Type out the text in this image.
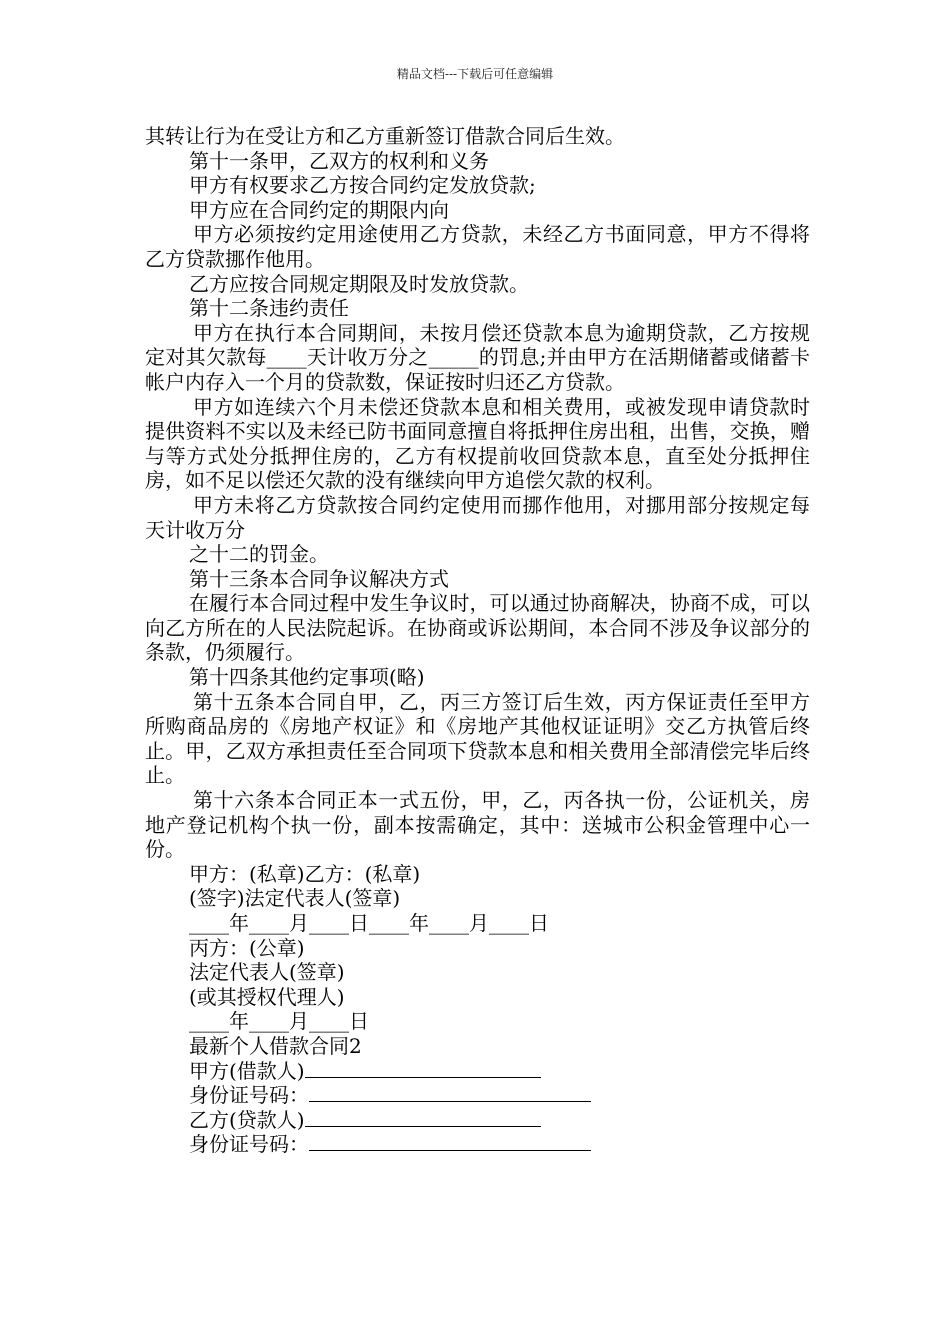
精品文档---下载后可任意编辑

其转让行为在受让方和乙方重新签订借款合同后生效。

第十一条甲，乙双方的权利和义务

甲方有权要求乙方按合同约定发放贷款;

甲方应在合同约定的期限内向

甲方必须按约定用途使用乙方贷款，未经乙方书面同意，甲方不得将乙方贷款挪作他用。

乙方应按合同规定期限及时发放贷款。

第十二条违约责任

甲方在执行本合同期间，未按月偿还贷款本息为逾期贷款，乙方按规定对其欠款每____天计收万分之_____的罚息;并由甲方在活期储蓄或储蓄卡帐户内存入一个月的贷款数，保证按时归还乙方贷款。

甲方如连续六个月未偿还贷款本息和相关费用，或被发现申请贷款时提供资料不实以及未经已防书面同意擅自将抵押住房出租，出售，交换，赠与等方式处分抵押住房的，乙方有权提前收回贷款本息，直至处分抵押住房，如不足以偿还欠款的没有继续向甲方追偿欠款的权利。

甲方未将乙方贷款按合同约定使用而挪作他用，对挪用部分按规定每天计收万分

之十二的罚金。

第十三条本合同争议解决方式

在履行本合同过程中发生争议时，可以通过协商解决，协商不成，可以向乙方所在的人民法院起诉。在协商或诉讼期间，本合同不涉及争议部分的条款，仍须履行。

第十四条其他约定事项(略)

第十五条本合同自甲，乙，丙三方签订后生效，丙方保证责任至甲方所购商品房的《房地产权证》和《房地产其他权证证明》交乙方执管后终止。甲，乙双方承担责任至合同项下贷款本息和相关费用全部清偿完毕后终止。

第十六条本合同正本一式五份，甲，乙，丙各执一份，公证机关，房地产登记机构个执一份，副本按需确定，其中：送城市公积金管理中心一份。

甲方：(私章)乙方：(私章)

(签字)法定代表人(签章)

____年____月____日____年____月____日

丙方：(公章)

法定代表人(签章)

(或其授权代理人)

____年____月____日

最新个人借款合同2

甲方(借款人)

身份证号码：

乙方(贷款人)

身份证号码：
